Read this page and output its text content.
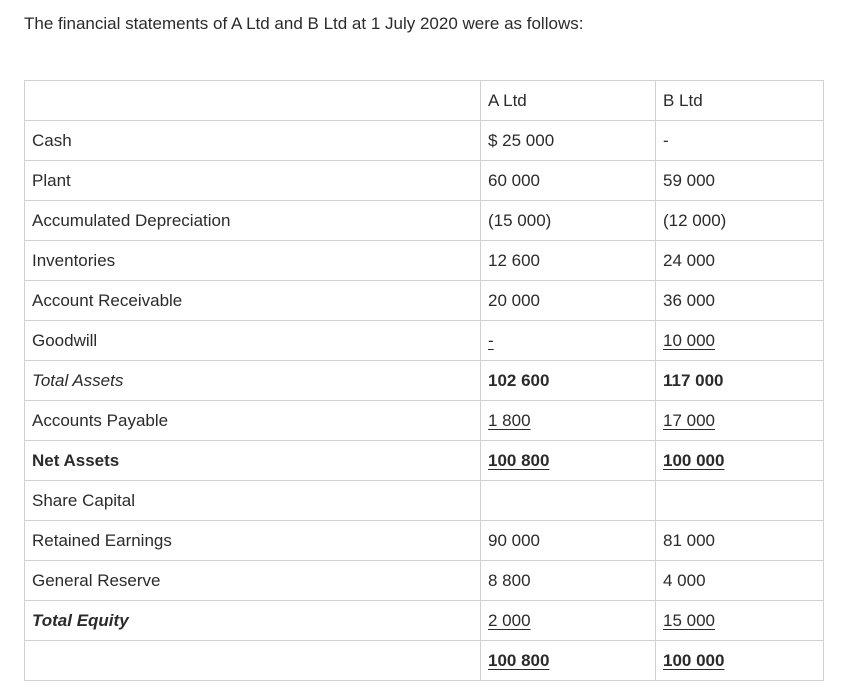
The financial statements of A Ltd and B Ltd at 1 July 2020 were as follows:

	A Ltd	B Ltd
Cash	$ 25 000	-
Plant	60 000	59 000
Accumulated Depreciation	(15 000)	(12 000)
Inventories	12 600	24 000
Account Receivable	20 000	36 000
Goodwill	-	10 000
Total Assets	102 600	117 000
Accounts Payable	1 800	17 000
Net Assets	100 800	100 000
Share Capital		
Retained Earnings	90 000	81 000
General Reserve	8 800	4 000
Total Equity	2 000	15 000
	100 800	100 000
